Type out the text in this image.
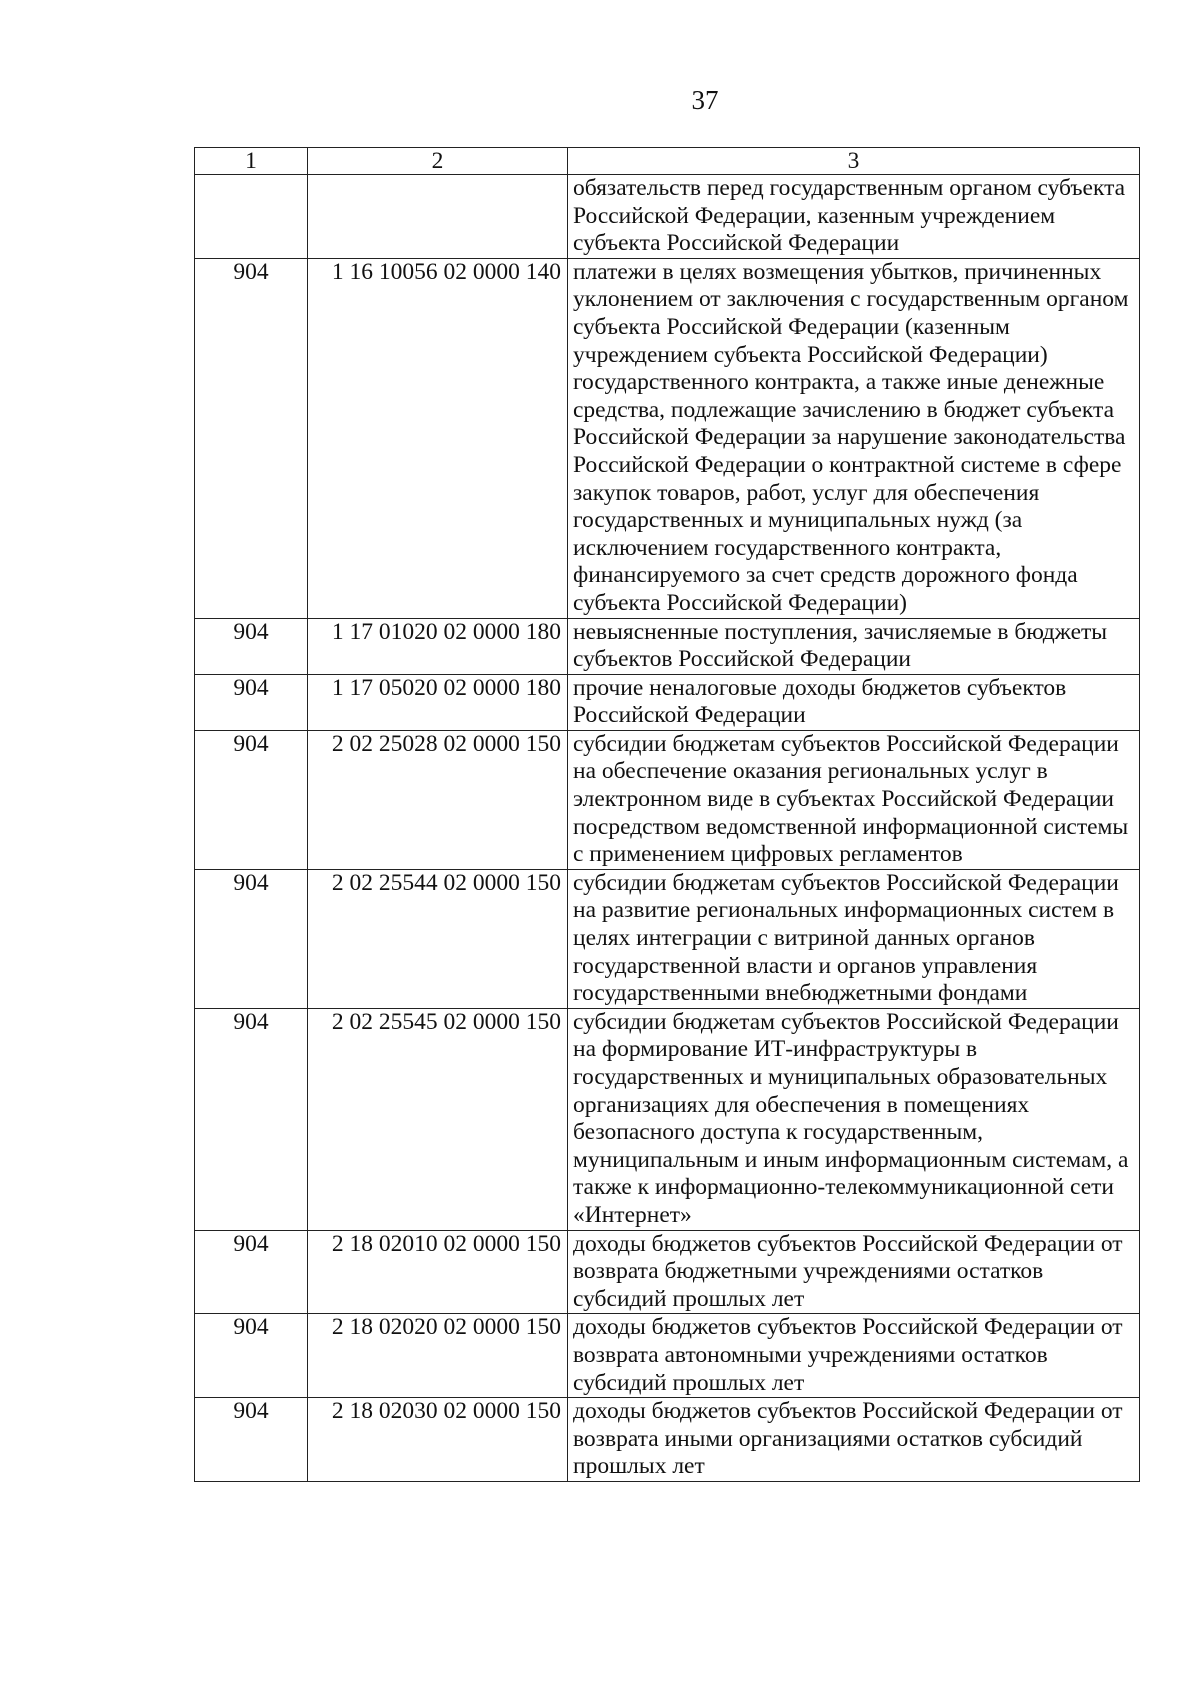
37
1	2	3
		обязательств перед государственным органом субъекта Российской Федерации, казенным учреждением субъекта Российской Федерации
904	1 16 10056 02 0000 140	платежи в целях возмещения убытков, причиненных уклонением от заключения с государственным органом субъекта Российской Федерации (казенным учреждением субъекта Российской Федерации) государственного контракта, а также иные денежные средства, подлежащие зачислению в бюджет субъекта Российской Федерации за нарушение законодательства Российской Федерации о контрактной системе в сфере закупок товаров, работ, услуг для обеспечения государственных и муниципальных нужд (за исключением государственного контракта, финансируемого за счет средств дорожного фонда субъекта Российской Федерации)
904	1 17 01020 02 0000 180	невыясненные поступления, зачисляемые в бюджеты субъектов Российской Федерации
904	1 17 05020 02 0000 180	прочие неналоговые доходы бюджетов субъектов Российской Федерации
904	2 02 25028 02 0000 150	субсидии бюджетам субъектов Российской Федерации на обеспечение оказания региональных услуг в электронном виде в субъектах Российской Федерации посредством ведомственной информационной системы с применением цифровых регламентов
904	2 02 25544 02 0000 150	субсидии бюджетам субъектов Российской Федерации на развитие региональных информационных систем в целях интеграции с витриной данных органов государственной власти и органов управления государственными внебюджетными фондами
904	2 02 25545 02 0000 150	субсидии бюджетам субъектов Российской Федерации на формирование ИТ-инфраструктуры в государственных и муниципальных образовательных организациях для обеспечения в помещениях безопасного доступа к государственным, муниципальным и иным информационным системам, а также к информационно-телекоммуникационной сети «Интернет»
904	2 18 02010 02 0000 150	доходы бюджетов субъектов Российской Федерации от возврата бюджетными учреждениями остатков субсидий прошлых лет
904	2 18 02020 02 0000 150	доходы бюджетов субъектов Российской Федерации от возврата автономными учреждениями остатков субсидий прошлых лет
904	2 18 02030 02 0000 150	доходы бюджетов субъектов Российской Федерации от возврата иными организациями остатков субсидий прошлых лет
